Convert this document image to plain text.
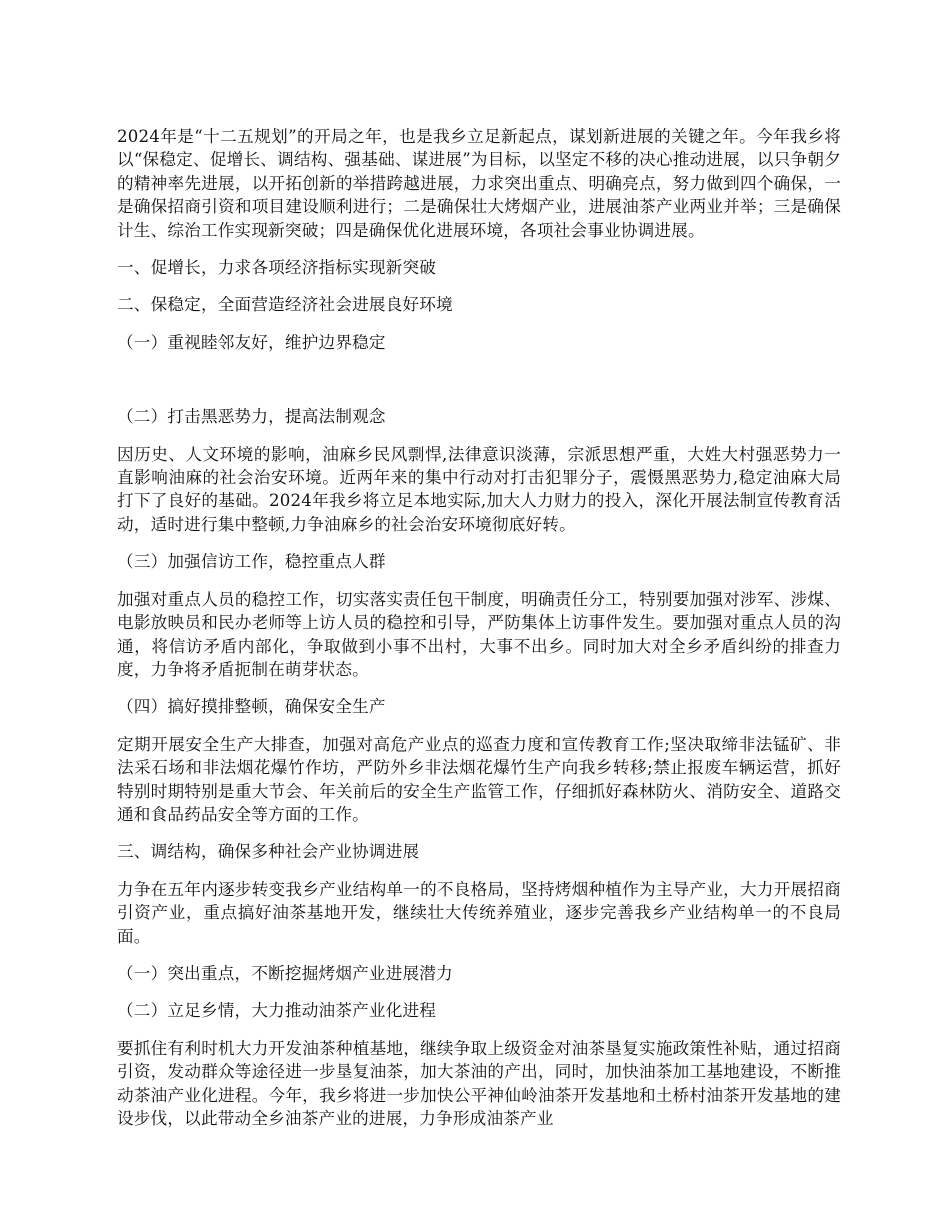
2024年是“十二五规划”的开局之年，也是我乡立足新起点，谋划新进展的关键之年。今年我乡将以“保稳定、促增长、调结构、强基础、谋进展”为目标，以坚定不移的决心推动进展，以只争朝夕的精神率先进展，以开拓创新的举措跨越进展，力求突出重点、明确亮点，努力做到四个确保，一是确保招商引资和项目建设顺利进行；二是确保壮大烤烟产业，进展油茶产业两业并举；三是确保计生、综治工作实现新突破；四是确保优化进展环境，各项社会事业协调进展。

一、促增长，力求各项经济指标实现新突破
二、保稳定，全面营造经济社会进展良好环境
（一）重视睦邻友好，维护边界稳定
（二）打击黑恶势力，提高法制观念

因历史、人文环境的影响，油麻乡民风剽悍,法律意识淡薄，宗派思想严重，大姓大村强恶势力一直影响油麻的社会治安环境。近两年来的集中行动对打击犯罪分子，震慑黑恶势力,稳定油麻大局打下了良好的基础。2024年我乡将立足本地实际,加大人力财力的投入，深化开展法制宣传教育活动，适时进行集中整顿,力争油麻乡的社会治安环境彻底好转。

（三）加强信访工作，稳控重点人群

加强对重点人员的稳控工作，切实落实责任包干制度，明确责任分工，特别要加强对涉军、涉煤、电影放映员和民办老师等上访人员的稳控和引导，严防集体上访事件发生。要加强对重点人员的沟通，将信访矛盾内部化，争取做到小事不出村，大事不出乡。同时加大对全乡矛盾纠纷的排查力度，力争将矛盾扼制在萌芽状态。

（四）搞好摸排整顿，确保安全生产

定期开展安全生产大排查，加强对高危产业点的巡查力度和宣传教育工作;坚决取缔非法锰矿、非法采石场和非法烟花爆竹作坊，严防外乡非法烟花爆竹生产向我乡转移;禁止报废车辆运营，抓好特别时期特别是重大节会、年关前后的安全生产监管工作，仔细抓好森林防火、消防安全、道路交通和食品药品安全等方面的工作。

三、调结构，确保多种社会产业协调进展

力争在五年内逐步转变我乡产业结构单一的不良格局，坚持烤烟种植作为主导产业，大力开展招商引资产业，重点搞好油茶基地开发，继续壮大传统养殖业，逐步完善我乡产业结构单一的不良局面。

（一）突出重点，不断挖掘烤烟产业进展潜力
（二）立足乡情，大力推动油茶产业化进程

要抓住有利时机大力开发油茶种植基地，继续争取上级资金对油茶垦复实施政策性补贴，通过招商引资，发动群众等途径进一步垦复油茶，加大茶油的产出，同时，加快油茶加工基地建设，不断推动茶油产业化进程。今年，我乡将进一步加快公平神仙岭油茶开发基地和土桥村油茶开发基地的建设步伐，以此带动全乡油茶产业的进展，力争形成油茶产业
